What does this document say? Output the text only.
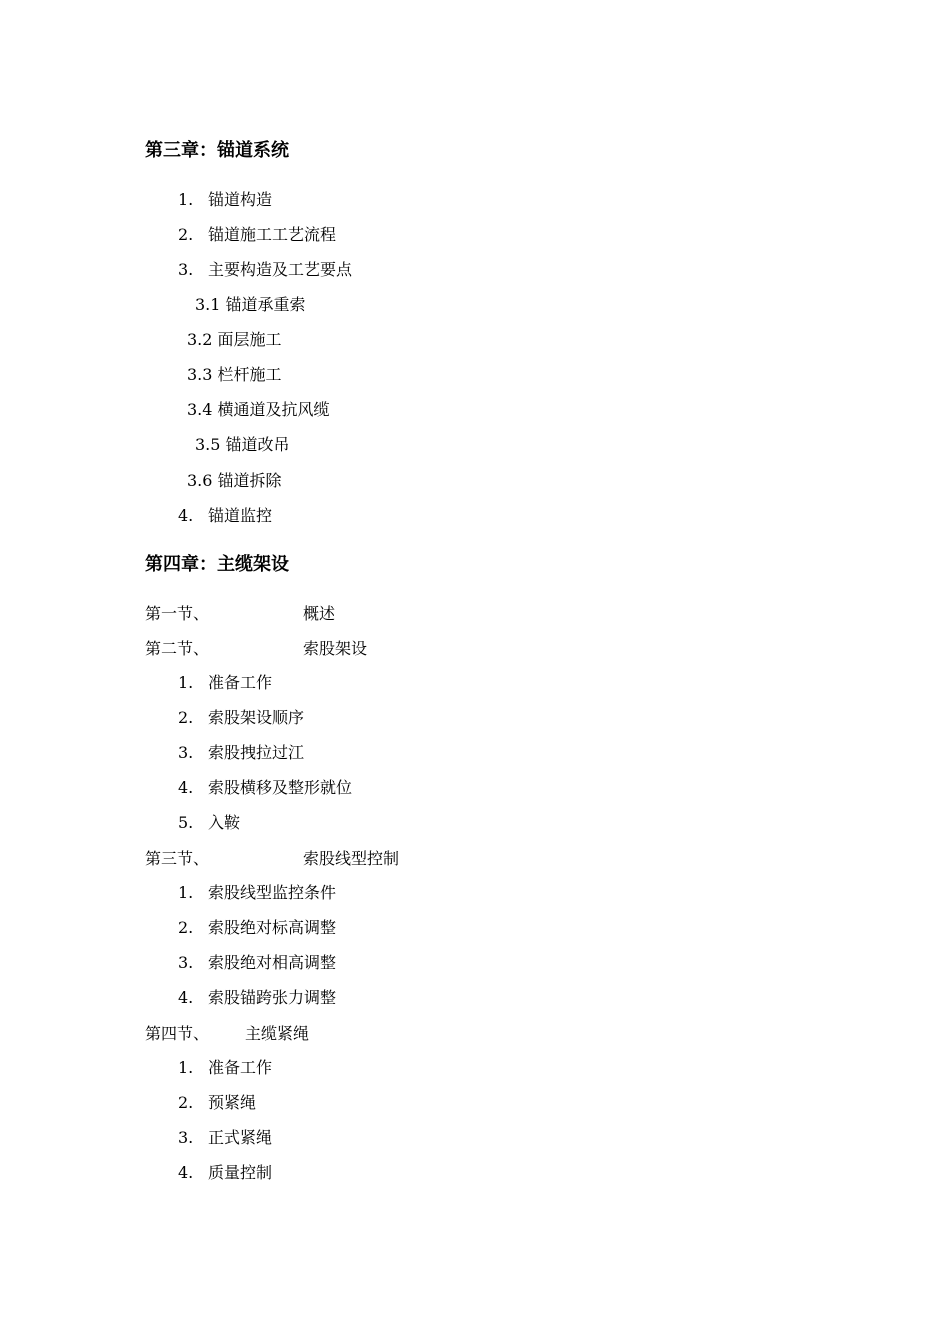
第三章：锚道系统
1. 锚道构造
2. 锚道施工工艺流程
3. 主要构造及工艺要点
3.1 锚道承重索
3.2 面层施工
3.3 栏杆施工
3.4 横通道及抗风缆
3.5 锚道改吊
3.6 锚道拆除
4. 锚道监控
第四章：主缆架设
第一节、	概述
第二节、	索股架设
1. 准备工作
2. 索股架设顺序
3. 索股拽拉过江
4. 索股横移及整形就位
5. 入鞍
第三节、	索股线型控制
1. 索股线型监控条件
2. 索股绝对标高调整
3. 索股绝对相高调整
4. 索股锚跨张力调整
第四节、 主缆紧绳
1. 准备工作
2. 预紧绳
3. 正式紧绳
4. 质量控制
